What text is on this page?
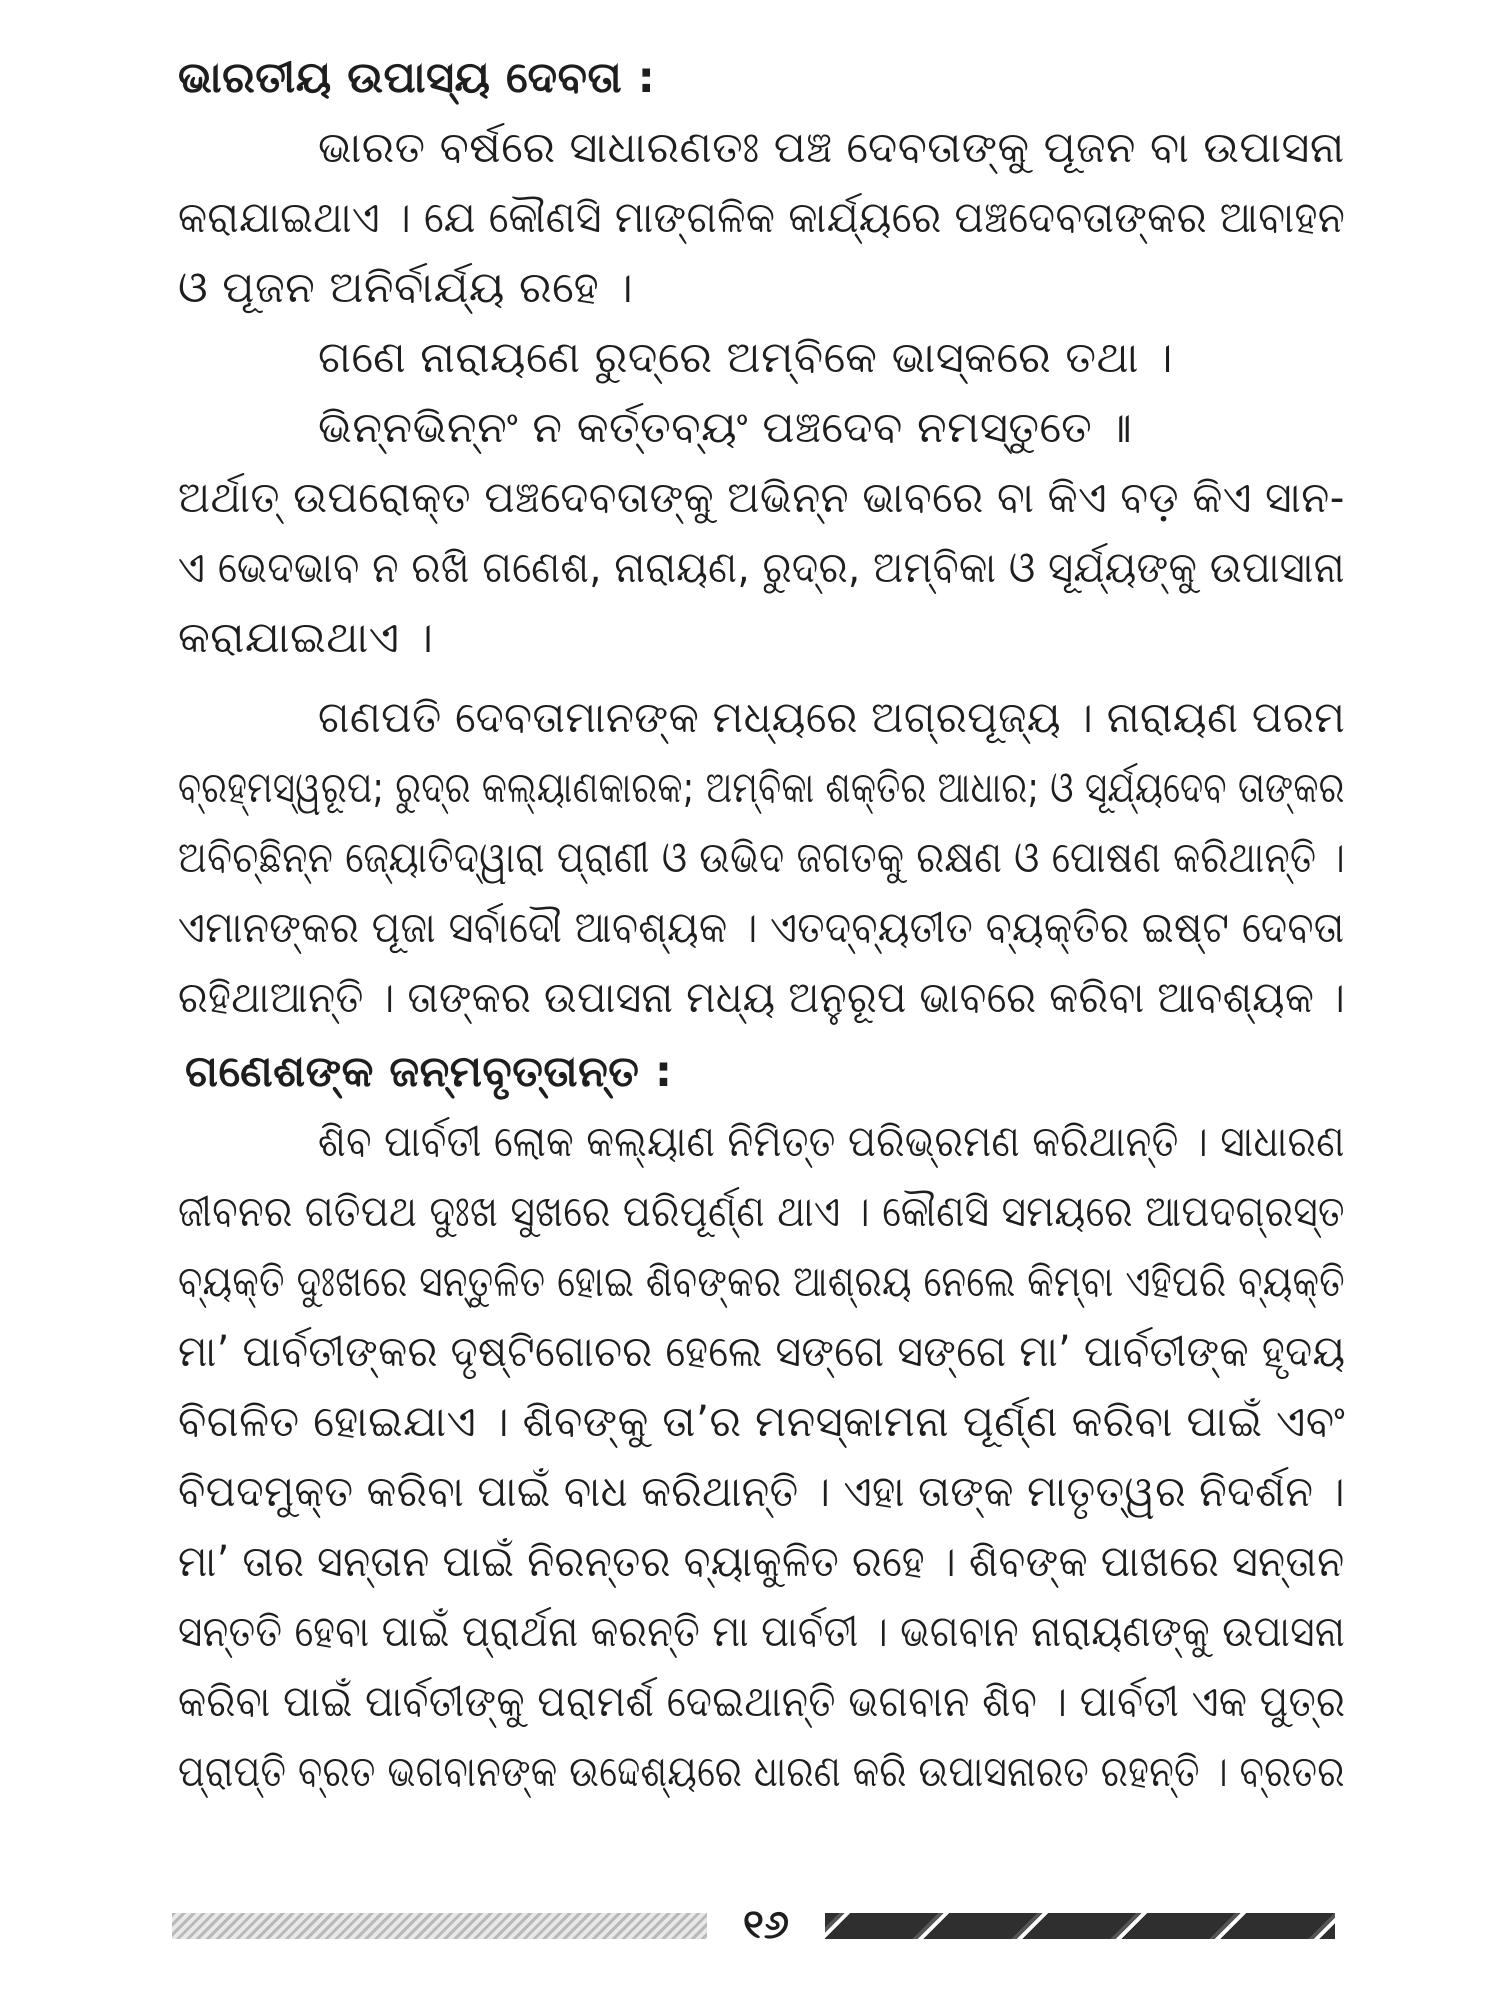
ଭାରତୀୟ ଉପାସ୍ୟ ଦେବତା :
ଭାରତ ବର୍ଷରେ ସାଧାରଣତଃ ପଞ୍ଚ ଦେବତାଙ୍କୁ ପୂଜନ ବା ଉପାସନା
କରାଯାଇଥାଏ । ଯେ କୌଣସି ମାଙ୍ଗଳିକ କାର୍ଯ୍ୟରେ ପଞ୍ଚଦେବତାଙ୍କର ଆବାହନ
ଓ ପୂଜନ ଅନିର୍ବାର୍ଯ୍ୟ ରହେ ।
ଗଣେ ନାରାୟଣେ ରୁଦ୍ରେ ଅମ୍ବିକେ ଭାସ୍କରେ ତଥା ।
ଭିନ୍ନଭିନ୍ନଂ ନ କର୍ତ୍ତବ୍ୟଂ ପଞ୍ଚଦେବ ନମସ୍ତୁତେ ॥
ଅର୍ଥାତ୍ ଉପରୋକ୍ତ ପଞ୍ଚଦେବତାଙ୍କୁ ଅଭିନ୍ନ ଭାବରେ ବା କିଏ ବଡ଼ କିଏ ସାନ-
ଏ ଭେଦଭାବ ନ ରଖି ଗଣେଶ, ନାରାୟଣ, ରୁଦ୍ର, ଅମ୍ବିକା ଓ ସୂର୍ଯ୍ୟଙ୍କୁ ଉପାସାନା
କରାଯାଇଥାଏ ।
ଗଣପତି ଦେବତାମାନଙ୍କ ମଧ୍ୟରେ ଅଗ୍ରପୂଜ୍ୟ । ନାରାୟଣ ପରମ
ବ୍ରହ୍ମସ୍ୱରୂପ; ରୁଦ୍ର କଲ୍ୟାଣକାରକ; ଅମ୍ବିକା ଶକ୍ତିର ଆଧାର; ଓ ସୂର୍ଯ୍ୟଦେବ ତାଙ୍କର
ଅବିଚ୍ଛିନ୍ନ ଜ୍ୟୋତିଦ୍ୱାରା ପ୍ରାଣୀ ଓ ଉଭିଦ ଜଗତକୁ ରକ୍ଷଣ ଓ ପୋଷଣ କରିଥାନ୍ତି ।
ଏମାନଙ୍କର ପୂଜା ସର୍ବାଦୌ ଆବଶ୍ୟକ । ଏତଦ୍‌ବ୍ୟତୀତ ବ୍ୟକ୍ତିର ଇଷ୍ଟ ଦେବତା
ରହିଥାଆନ୍ତି । ତାଙ୍କର ଉପାସନା ମଧ୍ୟ ଅନୁରୂପ ଭାବରେ କରିବା ଆବଶ୍ୟକ ।
ଗଣେଶଙ୍କ ଜନ୍ମବୃତ୍ତାନ୍ତ :
ଶିବ ପାର୍ବତୀ ଲୋକ କଲ୍ୟାଣ ନିମିତ୍ତ ପରିଭ୍ରମଣ କରିଥାନ୍ତି । ସାଧାରଣ
ଜୀବନର ଗତିପଥ ଦୁଃଖ ସୁଖରେ ପରିପୂର୍ଣ୍ଣ ଥାଏ । କୌଣସି ସମୟରେ ଆପଦଗ୍ରସ୍ତ
ବ୍ୟକ୍ତି ଦୁଃଖରେ ସନ୍ତୁଳିତ ହୋଇ ଶିବଙ୍କର ଆଶ୍ରୟ ନେଲେ କିମ୍ବା ଏହିପରି ବ୍ୟକ୍ତି
ମା’ ପାର୍ବତୀଙ୍କର ଦୃଷ୍ଟିଗୋଚର ହେଲେ ସଙ୍ଗେ ସଙ୍ଗେ ମା’ ପାର୍ବତୀଙ୍କ ହୃଦୟ
ବିଗଳିତ ହୋଇଯାଏ । ଶିବଙ୍କୁ ତା’ର ମନସ୍କାମନା ପୂର୍ଣ୍ଣ କରିବା ପାଇଁ ଏବଂ
ବିପଦମୁକ୍ତ କରିବା ପାଇଁ ବାଧ କରିଥାନ୍ତି । ଏହା ତାଙ୍କ ମାତୃତ୍ୱର ନିଦର୍ଶନ ।
ମା’ ତାର ସନ୍ତାନ ପାଇଁ ନିରନ୍ତର ବ୍ୟାକୁଳିତ ରହେ । ଶିବଙ୍କ ପାଖରେ ସନ୍ତାନ
ସନ୍ତତି ହେବା ପାଇଁ ପ୍ରାର୍ଥନା କରନ୍ତି ମା ପାର୍ବତୀ । ଭଗବାନ ନାରାୟଣଙ୍କୁ ଉପାସନା
କରିବା ପାଇଁ ପାର୍ବତୀଙ୍କୁ ପରାମର୍ଶ ଦେଇଥାନ୍ତି ଭଗବାନ ଶିବ । ପାର୍ବତୀ ଏକ ପୁତ୍ର
ପ୍ରାପ୍ତି ବ୍ରତ ଭଗବାନଙ୍କ ଉଦ୍ଦେଶ୍ୟରେ ଧାରଣ କରି ଉପାସନାରତ ରହନ୍ତି । ବ୍ରତର
୧୬
